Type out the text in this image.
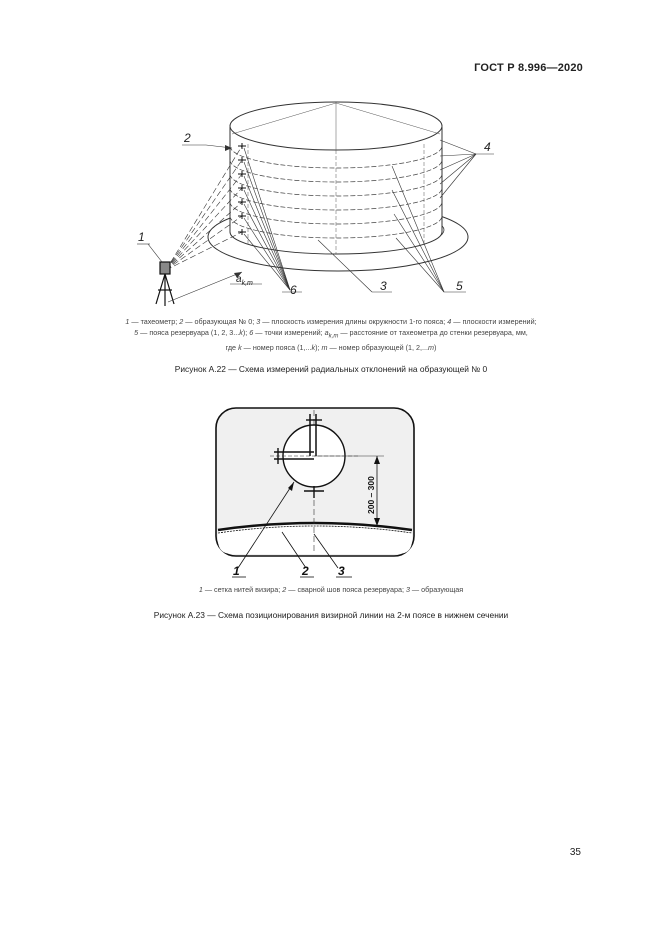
ГОСТ Р 8.996—2020
$a_{k,m}$
1
2
3
4
5
6
1 — тахеометр; 2 — образующая № 0; 3 — плоскость измерения длины окружности 1-го пояса; 4 — плоскости измерений;
5 — пояса резервуара (1, 2, 3...k); 6 — точки измерений; $a_{k,m}$ — расстояние от тахеометра до стенки резервуара, мм,
где k — номер пояса (1,...k); m — номер образующей (1, 2,...m)
Рисунок А.22 — Схема измерений радиальных отклонений на образующей № 0
200 – 300
1	2 3
1 — сетка нитей визира; 2 — сварной шов пояса резервуара; 3 — образующая
Рисунок А.23 — Схема позиционирования визирной линии на 2-м поясе в нижнем сечении
35
